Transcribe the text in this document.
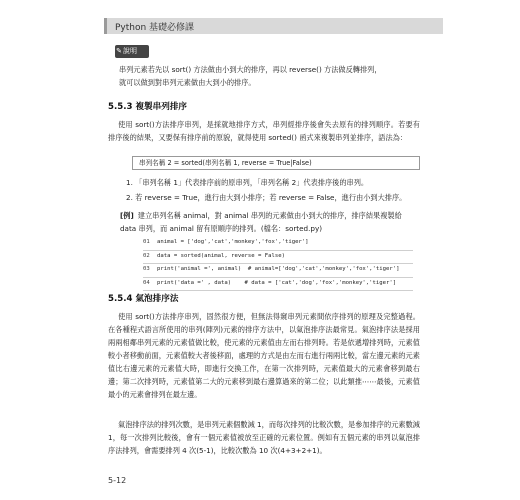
Python 基礎必修課
✎說明
串列元素若先以 sort() 方法做由小到大的排序，再以 reverse() 方法做反轉排列，
就可以做到對串列元素做由大到小的排序。
5.5.3 複製串列排序
使用 sort()方法排序串列，是採就地排序方式，串列經排序後會失去原有的排列順序。若要有排序後的結果，又要保有排序前的原貌，就得使用 sorted() 函式來複製串列並排序，語法為：
串列名稱 2 = sorted(串列名稱 1, reverse = True|False)
1. 「串列名稱 1」代表排序前的原串列，「串列名稱 2」代表排序後的串列。
2. 若 reverse = True，進行由大到小排序；若 reverse = False，進行由小到大排序。
[例] 建立串列名稱 animal，對 animal 串列的元素做由小到大的排序，排序結果複製給 data 串列，而 animal 留有原順序的排列。(檔名：sorted.py)
01 animal = ['dog','cat','monkey','fox','tiger']
02 data = sorted(animal, reverse = False)
03 print('animal =', animal)  # animal=['dog','cat','monkey','fox','tiger']
04 print('data =' , data)    # data = ['cat','dog','fox','monkey','tiger']
5.5.4 氣泡排序法
使用 sort()方法排序串列，固然很方便，但無法得窺串列元素間依序排列的原理及完整過程。在各種程式語言所使用的串列(陣列)元素的排序方法中，以氣泡排序法最常見。氣泡排序法是採用兩兩相鄰串列元素的元素值做比較，使元素的元素值由左而右排列時。若是依遞增排列時，元素值較小者移動前面，元素值較大者後移面，處理的方式是由左而右進行兩兩比較，當左邊元素的元素值比右邊元素的元素值大時，即進行交換工作，在第一次排列時，元素值最大的元素會移到最右邊；第二次排列時，元素值第二大的元素移到最右邊算過來的第二位；以此類推⋯⋯最後，元素值最小的元素會排列在最左邊。
氣泡排序法的排列次數，是串列元素個數減 1，而每次排列的比較次數，是參加排序的元素數減 1，每一次排列比較後，會有一個元素值被放至正確的元素位置。例如有五個元素的串列以氣泡排序法排列，會需要排列 4 次(5-1)，比較次數為 10 次(4+3+2+1)。
5-12
